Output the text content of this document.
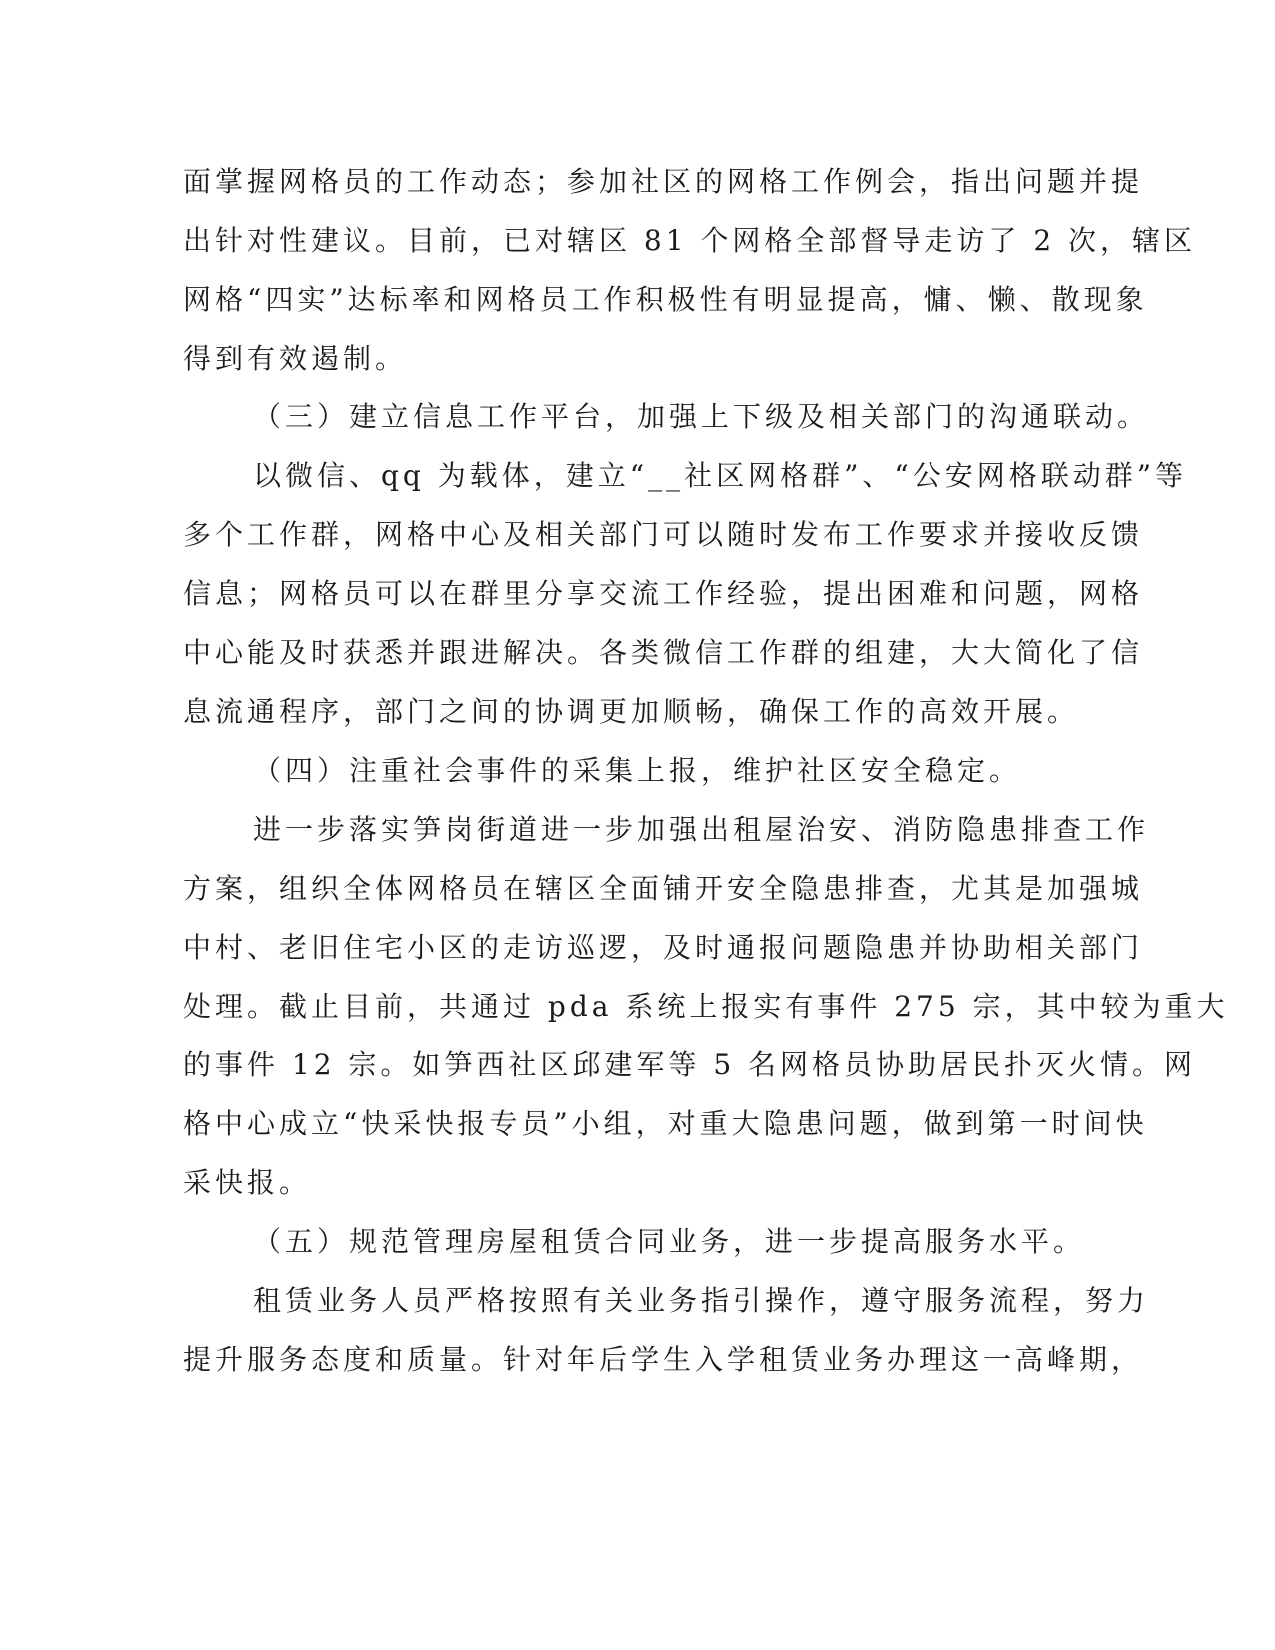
面掌握网格员的工作动态；参加社区的网格工作例会，指出问题并提
出针对性建议。目前，已对辖区 81 个网格全部督导走访了 2 次，辖区
网格“四实”达标率和网格员工作积极性有明显提高，慵、懒、散现象
得到有效遏制。
（三）建立信息工作平台，加强上下级及相关部门的沟通联动。
以微信、qq 为载体，建立“__社区网格群”、“公安网格联动群”等
多个工作群，网格中心及相关部门可以随时发布工作要求并接收反馈
信息；网格员可以在群里分享交流工作经验，提出困难和问题，网格
中心能及时获悉并跟进解决。各类微信工作群的组建，大大简化了信
息流通程序，部门之间的协调更加顺畅，确保工作的高效开展。
（四）注重社会事件的采集上报，维护社区安全稳定。
进一步落实笋岗街道进一步加强出租屋治安、消防隐患排查工作
方案，组织全体网格员在辖区全面铺开安全隐患排查，尤其是加强城
中村、老旧住宅小区的走访巡逻，及时通报问题隐患并协助相关部门
处理。截止目前，共通过 pda 系统上报实有事件 275 宗，其中较为重大
的事件 12 宗。如笋西社区邱建军等 5 名网格员协助居民扑灭火情。网
格中心成立“快采快报专员”小组，对重大隐患问题，做到第一时间快
采快报。
（五）规范管理房屋租赁合同业务，进一步提高服务水平。
租赁业务人员严格按照有关业务指引操作，遵守服务流程，努力
提升服务态度和质量。针对年后学生入学租赁业务办理这一高峰期，
